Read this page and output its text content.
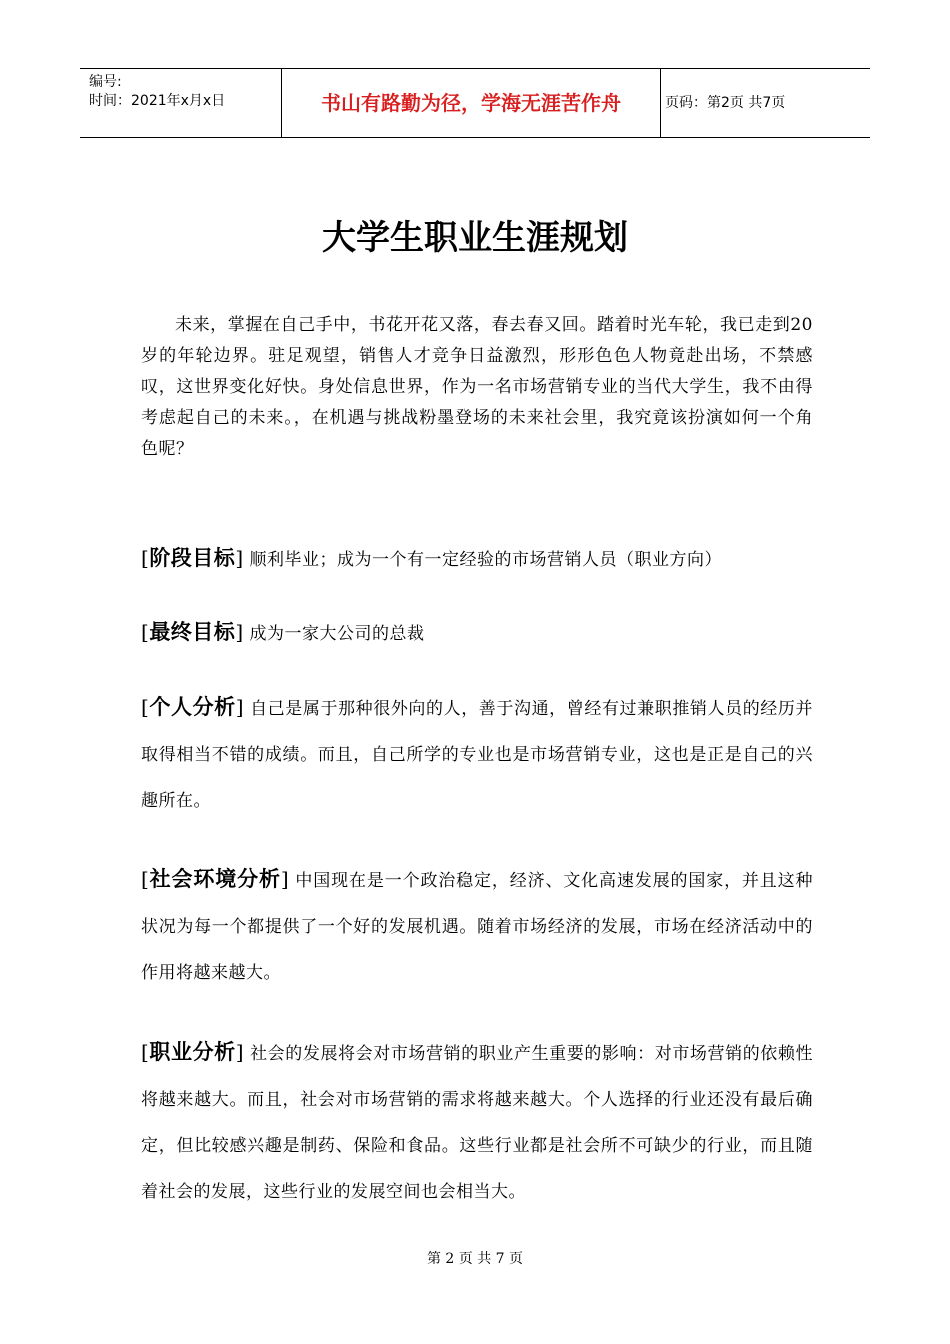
编号:
时间：2021年x月x日	书山有路勤为径，学海无涯苦作舟	页码：第2页 共7页
大学生职业生涯规划
未来，掌握在自己手中，书花开花又落，春去春又回。踏着时光车轮，我已走到20岁的年轮边界。驻足观望，销售人才竞争日益激烈，形形色色人物竟赴出场，不禁感叹，这世界变化好快。身处信息世界，作为一名市场营销专业的当代大学生，我不由得考虑起自己的未来。，在机遇与挑战粉墨登场的未来社会里，我究竟该扮演如何一个角色呢？
[阶段目标] 顺利毕业；成为一个有一定经验的市场营销人员（职业方向）
[最终目标] 成为一家大公司的总裁
[个人分析] 自己是属于那种很外向的人，善于沟通，曾经有过兼职推销人员的经历并取得相当不错的成绩。而且，自己所学的专业也是市场营销专业，这也是正是自己的兴趣所在。
[社会环境分析] 中国现在是一个政治稳定，经济、文化高速发展的国家，并且这种状况为每一个都提供了一个好的发展机遇。随着市场经济的发展，市场在经济活动中的作用将越来越大。
[职业分析] 社会的发展将会对市场营销的职业产生重要的影响：对市场营销的依赖性将越来越大。而且，社会对市场营销的需求将越来越大。个人选择的行业还没有最后确定，但比较感兴趣是制药、保险和食品。这些行业都是社会所不可缺少的行业，而且随着社会的发展，这些行业的发展空间也会相当大。
第 2 页 共 7 页
